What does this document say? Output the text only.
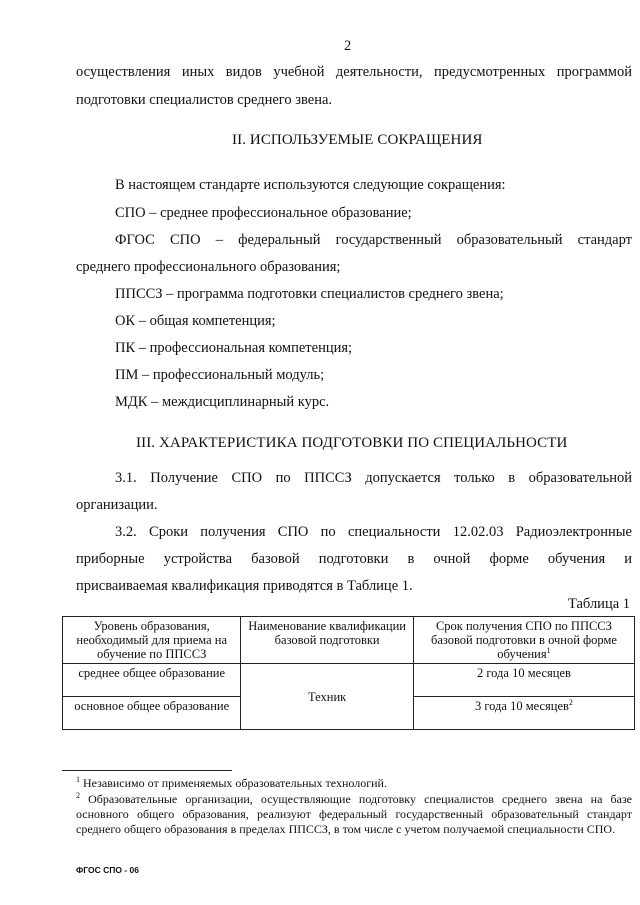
2
осуществления иных видов учебной деятельности, предусмотренных программой
подготовки специалистов среднего звена.
II. ИСПОЛЬЗУЕМЫЕ СОКРАЩЕНИЯ
В настоящем стандарте используются следующие сокращения:
СПО – среднее профессиональное образование;
ФГОС СПО – федеральный государственный образовательный стандарт
среднего профессионального образования;
ППССЗ – программа подготовки специалистов среднего звена;
ОК – общая компетенция;
ПК – профессиональная компетенция;
ПМ – профессиональный модуль;
МДК – междисциплинарный курс.
III. ХАРАКТЕРИСТИКА ПОДГОТОВКИ ПО СПЕЦИАЛЬНОСТИ
3.1. Получение СПО по ППССЗ допускается только в образовательной
организации.
3.2. Сроки получения СПО по специальности 12.02.03 Радиоэлектронные
приборные устройства базовой подготовки в очной форме обучения и
присваиваемая квалификация приводятся в Таблице 1.
Таблица 1
Уровень образования, необходимый для приема на обучение по ППССЗ	Наименование квалификации базовой подготовки	Срок получения СПО по ППССЗ базовой подготовки в очной форме обучения$^1$
среднее общее образование	Техник	2 года 10 месяцев
основное общее образование		3 года 10 месяцев$^2$
$^1$ Независимо от применяемых образовательных технологий.
$^2$ Образовательные организации, осуществляющие подготовку специалистов среднего звена на базе основного общего образования, реализуют федеральный государственный образовательный стандарт среднего общего образования в пределах ППССЗ, в том числе с учетом получаемой специальности СПО.
ФГОС СПО - 06
